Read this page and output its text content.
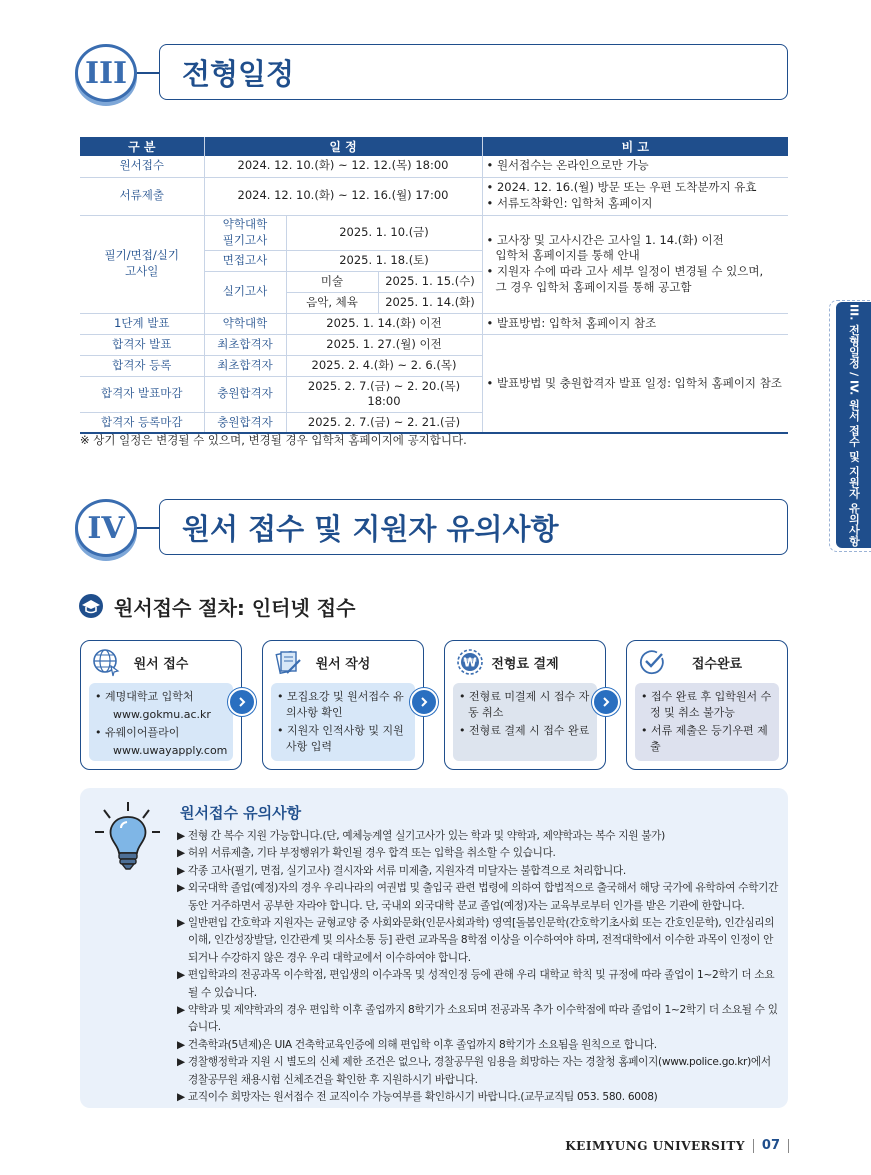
III	전형일정
구 분	일 정			비 고
원서접수	2024. 12. 10.(화) ~ 12. 12.(목) 18:00			• 원서접수는 온라인으로만 가능
서류제출	2024. 12. 10.(화) ~ 12. 16.(월) 17:00			• 2024. 12. 16.(월) 방문 또는 우편 도착분까지 유효
• 서류도착확인: 입학처 홈페이지

필기/면접/실기 고사일	약학대학 필기고사	2025. 1. 10.(금)		• 고사장 및 고사시간은 고사일 1. 14.(화) 이전
입학처 홈페이지를 통해 안내
• 지원자 수에 따라 고사 세부 일정이 변경될 수 있으며,
그 경우 입학처 홈페이지를 통해 공고함

	면접고사	2025. 1. 18.(토)		
	실기고사	미술	2025. 1. 15.(수)	
		음악, 체육	2025. 1. 14.(화)	
1단계 발표	약학대학	2025. 1. 14.(화) 이전		• 발표방법: 입학처 홈페이지 참조
합격자 발표	최초합격자	2025. 1. 27.(월) 이전		• 발표방법 및 충원합격자 발표 일정: 입학처 홈페이지 참조
합격자 등록	최초합격자	2025. 2. 4.(화) ~ 2. 6.(목)		
합격자 발표마감	충원합격자	2025. 2. 7.(금) ~ 2. 20.(목) 18:00		
합격자 등록마감	충원합격자	2025. 2. 7.(금) ~ 2. 21.(금)		
※ 상기 일정은 변경될 수 있으며, 변경될 경우 입학처 홈페이지에 공지합니다.	III. 전형일정 / IV. 원서 접수 및 지원자 유의사항
IV	원서 접수 및 지원자 유의사항
원서접수 절차: 인터넷 접수
원서 접수
• 계명대학교 입학처
www.gokmu.ac.kr
• 유웨이어플라이
www.uwayapply.com
원서 작성
• 모집요강 및 원서접수 유의사항 확인
• 지원자 인적사항 및 지원사항 입력
₩ 전형료 결제
• 전형료 미결제 시 접수 자동 취소
• 전형료 결제 시 접수 완료
접수완료
• 접수 완료 후 입학원서 수정 및 취소 불가능
• 서류 제출은 등기우편 제출
원서접수 유의사항
▶ 전형 간 복수 지원 가능합니다.(단, 예체능계열 실기고사가 있는 학과 및 약학과, 제약학과는 복수 지원 불가)
▶ 허위 서류제출, 기타 부정행위가 확인될 경우 합격 또는 입학을 취소할 수 있습니다.
▶ 각종 고사(필기, 면접, 실기고사) 결시자와 서류 미제출, 지원자격 미달자는 불합격으로 처리합니다.
▶ 외국대학 졸업(예정)자의 경우 우리나라의 여권법 및 출입국 관련 법령에 의하여 합법적으로 출국해서 해당 국가에 유학하여 수학기간 동안 거주하면서 공부한 자라야 합니다. 단, 국내외 외국대학 분교 졸업(예정)자는 교육부로부터 인가를 받은 기관에 한합니다.
▶ 일반편입 간호학과 지원자는 균형교양 중 사회와문화(인문사회과학) 영역[돌봄인문학(간호학기초사회 또는 간호인문학), 인간심리의이해, 인간성장발달, 인간관계 및 의사소통 등] 관련 교과목을 8학점 이상을 이수하여야 하며, 전적대학에서 이수한 과목이 인정이 안 되거나 수강하지 않은 경우 우리 대학교에서 이수하여야 합니다.
▶ 편입학과의 전공과목 이수학점, 편입생의 이수과목 및 성적인정 등에 관해 우리 대학교 학칙 및 규정에 따라 졸업이 1~2학기 더 소요될 수 있습니다.
▶ 약학과 및 제약학과의 경우 편입학 이후 졸업까지 8학기가 소요되며 전공과목 추가 이수학점에 따라 졸업이 1~2학기 더 소요될 수 있습니다.
▶ 건축학과(5년제)은 UIA 건축학교육인증에 의해 편입학 이후 졸업까지 8학기가 소요됨을 원칙으로 합니다.
▶ 경찰행정학과 지원 시 별도의 신체 제한 조건은 없으나, 경찰공무원 임용을 희망하는 자는 경찰청 홈페이지(www.police.go.kr)에서 경찰공무원 채용시험 신체조건을 확인한 후 지원하시기 바랍니다.
▶ 교직이수 희망자는 원서접수 전 교직이수 가능여부를 확인하시기 바랍니다.(교무교직팀 053. 580. 6008)
KEIMYUNG UNIVERSITY 07
